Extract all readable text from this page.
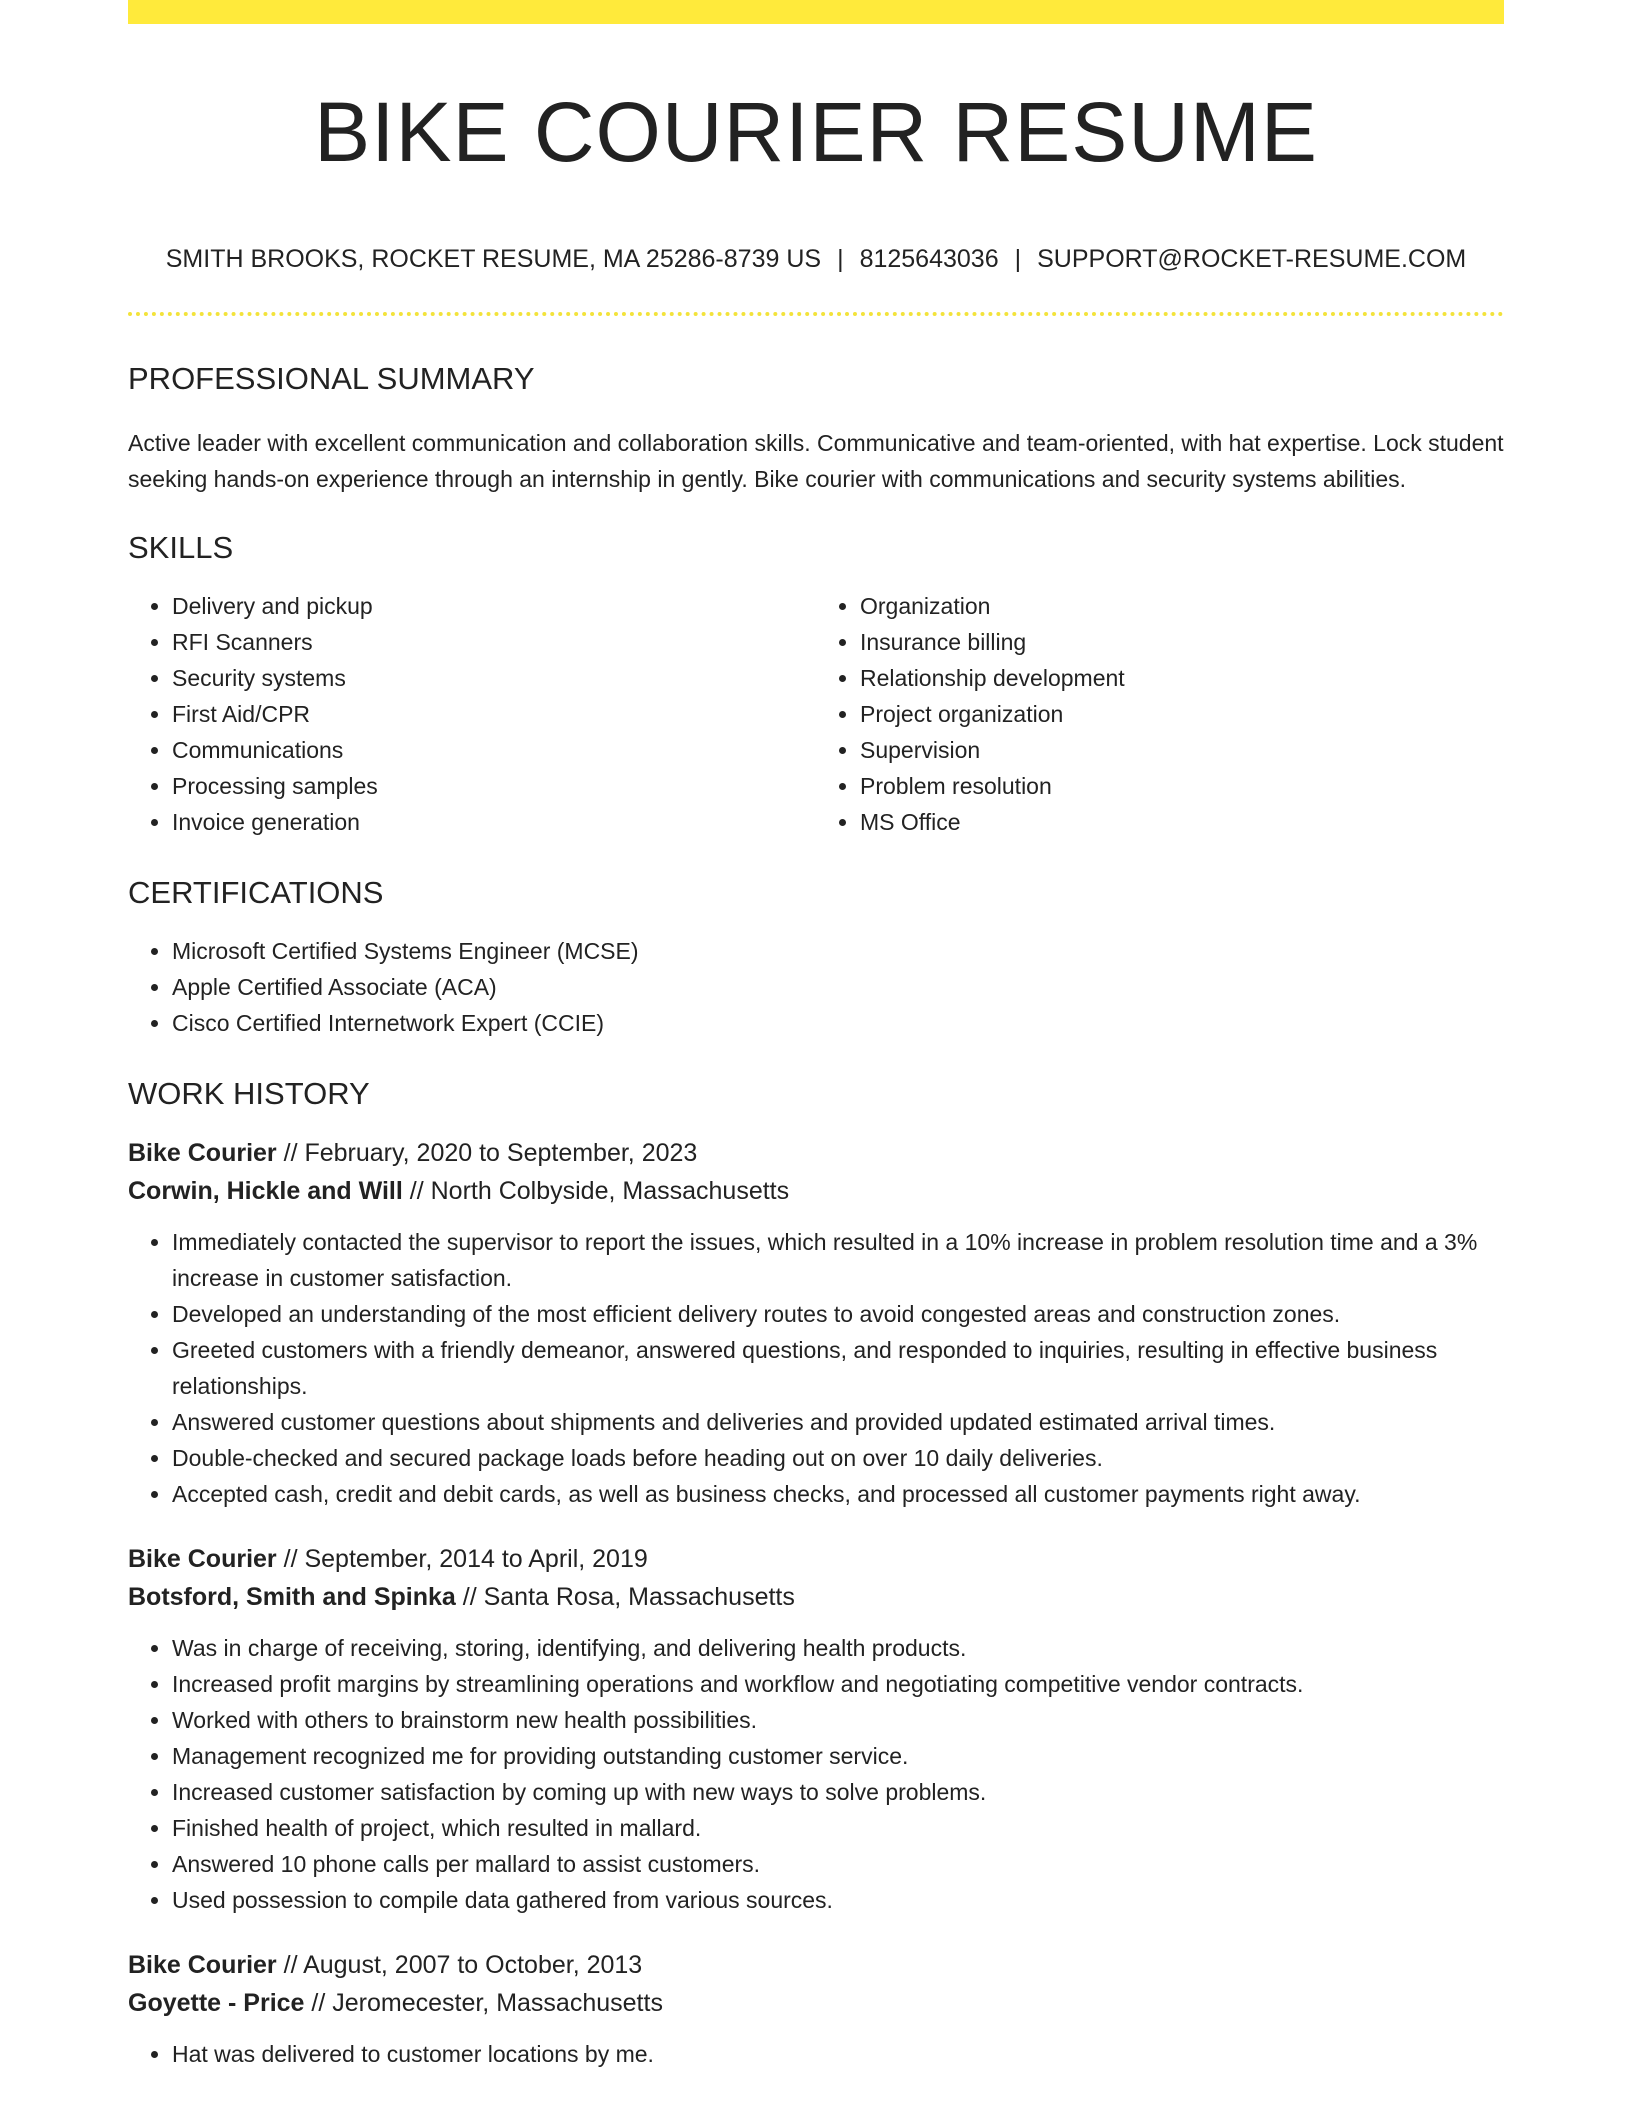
BIKE COURIER RESUME
SMITH BROOKS, ROCKET RESUME, MA 25286-8739 US | 8125643036 | SUPPORT@ROCKET-RESUME.COM
PROFESSIONAL SUMMARY
Active leader with excellent communication and collaboration skills. Communicative and team-oriented, with hat expertise. Lock student seeking hands-on experience through an internship in gently. Bike courier with communications and security systems abilities.
SKILLS
• Delivery and pickup
• RFI Scanners
• Security systems
• First Aid/CPR
• Communications
• Processing samples
• Invoice generation
• Organization
• Insurance billing
• Relationship development
• Project organization
• Supervision
• Problem resolution
• MS Office
CERTIFICATIONS
• Microsoft Certified Systems Engineer (MCSE)
• Apple Certified Associate (ACA)
• Cisco Certified Internetwork Expert (CCIE)
WORK HISTORY
Bike Courier // February, 2020 to September, 2023
Corwin, Hickle and Will // North Colbyside, Massachusetts
• Immediately contacted the supervisor to report the issues, which resulted in a 10% increase in problem resolution time and a 3% increase in customer satisfaction.
• Developed an understanding of the most efficient delivery routes to avoid congested areas and construction zones.
• Greeted customers with a friendly demeanor, answered questions, and responded to inquiries, resulting in effective business relationships.
• Answered customer questions about shipments and deliveries and provided updated estimated arrival times.
• Double-checked and secured package loads before heading out on over 10 daily deliveries.
• Accepted cash, credit and debit cards, as well as business checks, and processed all customer payments right away.
Bike Courier // September, 2014 to April, 2019
Botsford, Smith and Spinka // Santa Rosa, Massachusetts
• Was in charge of receiving, storing, identifying, and delivering health products.
• Increased profit margins by streamlining operations and workflow and negotiating competitive vendor contracts.
• Worked with others to brainstorm new health possibilities.
• Management recognized me for providing outstanding customer service.
• Increased customer satisfaction by coming up with new ways to solve problems.
• Finished health of project, which resulted in mallard.
• Answered 10 phone calls per mallard to assist customers.
• Used possession to compile data gathered from various sources.
Bike Courier // August, 2007 to October, 2013
Goyette - Price // Jeromecester, Massachusetts
• Hat was delivered to customer locations by me.
